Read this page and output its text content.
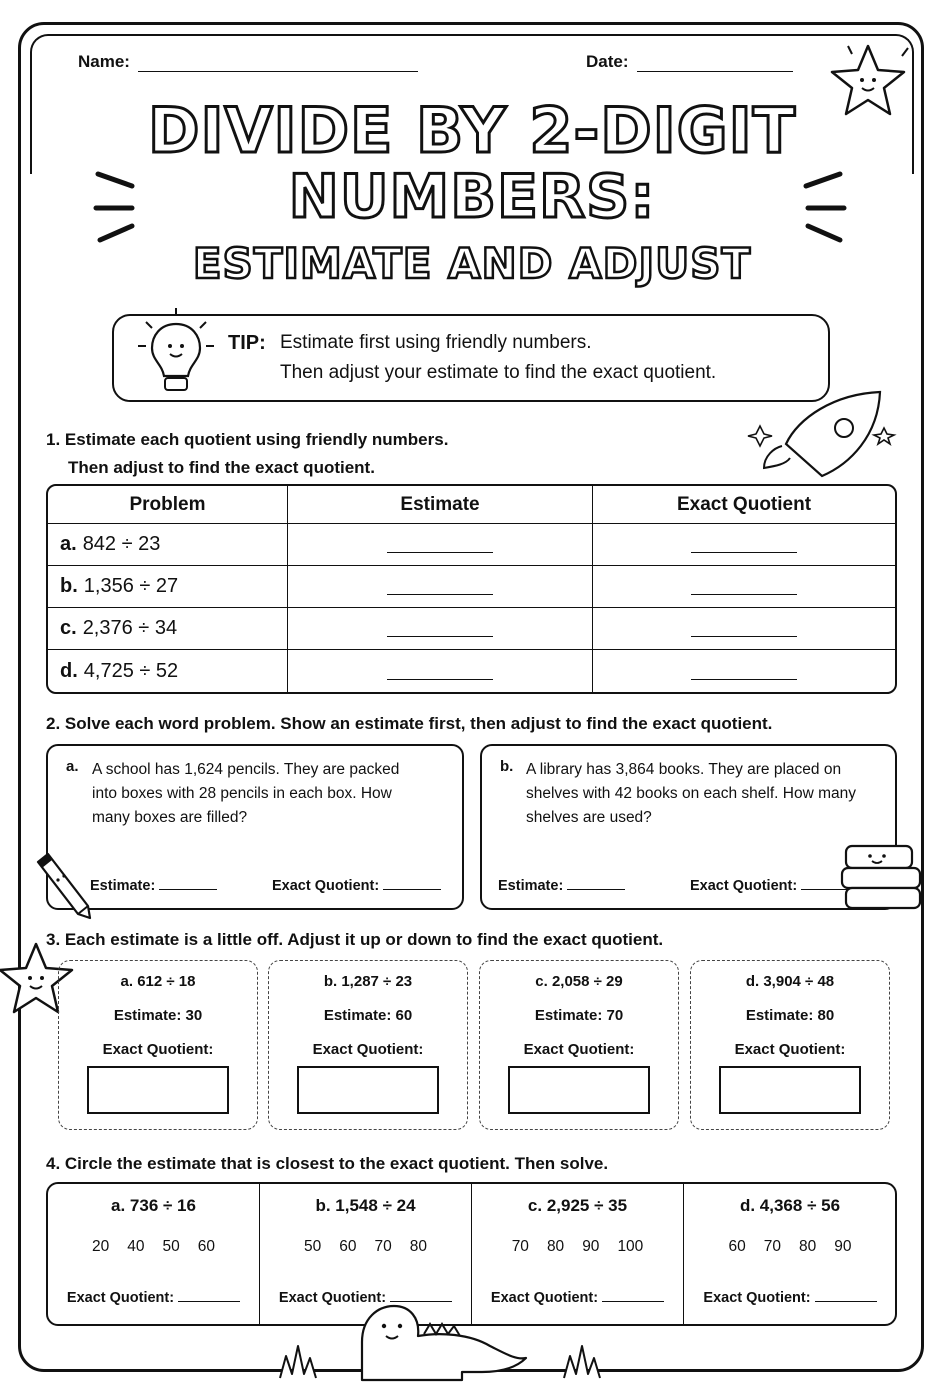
Name:	Date:
DIVIDE BY 2-DIGIT
NUMBERS:
ESTIMATE AND ADJUST
TIP: Estimate first using friendly numbers.
Then adjust your estimate to find the exact quotient.
1. Estimate each quotient using friendly numbers.
Then adjust to find the exact quotient.
Problem	Estimate	Exact Quotient
a. 842 ÷ 23	

b. 1,356 ÷ 27	

c. 2,376 ÷ 34	

d. 4,725 ÷ 52	

2. Solve each word problem. Show an estimate first, then adjust to find the exact quotient.
a. A school has 1,624 pencils. They are packed into boxes with 28 pencils in each box. How many boxes are filled?
Estimate:	Exact Quotient:
b. A library has 3,864 books. They are placed on shelves with 42 books on each shelf. How many shelves are used?
Estimate:	Exact Quotient:
3. Each estimate is a little off. Adjust it up or down to find the exact quotient.
a. 612 ÷ 18
Estimate: 30
Exact Quotient:
b. 1,287 ÷ 23
Estimate: 60
Exact Quotient:
c. 2,058 ÷ 29
Estimate: 70
Exact Quotient:
d. 3,904 ÷ 48
Estimate: 80
Exact Quotient:
4. Circle the estimate that is closest to the exact quotient. Then solve.
a. 736 ÷ 16
20 40 50 60
Exact Quotient:
b. 1,548 ÷ 24
50 60 70 80
Exact Quotient:
c. 2,925 ÷ 35
70 80 90 100
Exact Quotient:
d. 4,368 ÷ 56
60 70 80 90
Exact Quotient:
